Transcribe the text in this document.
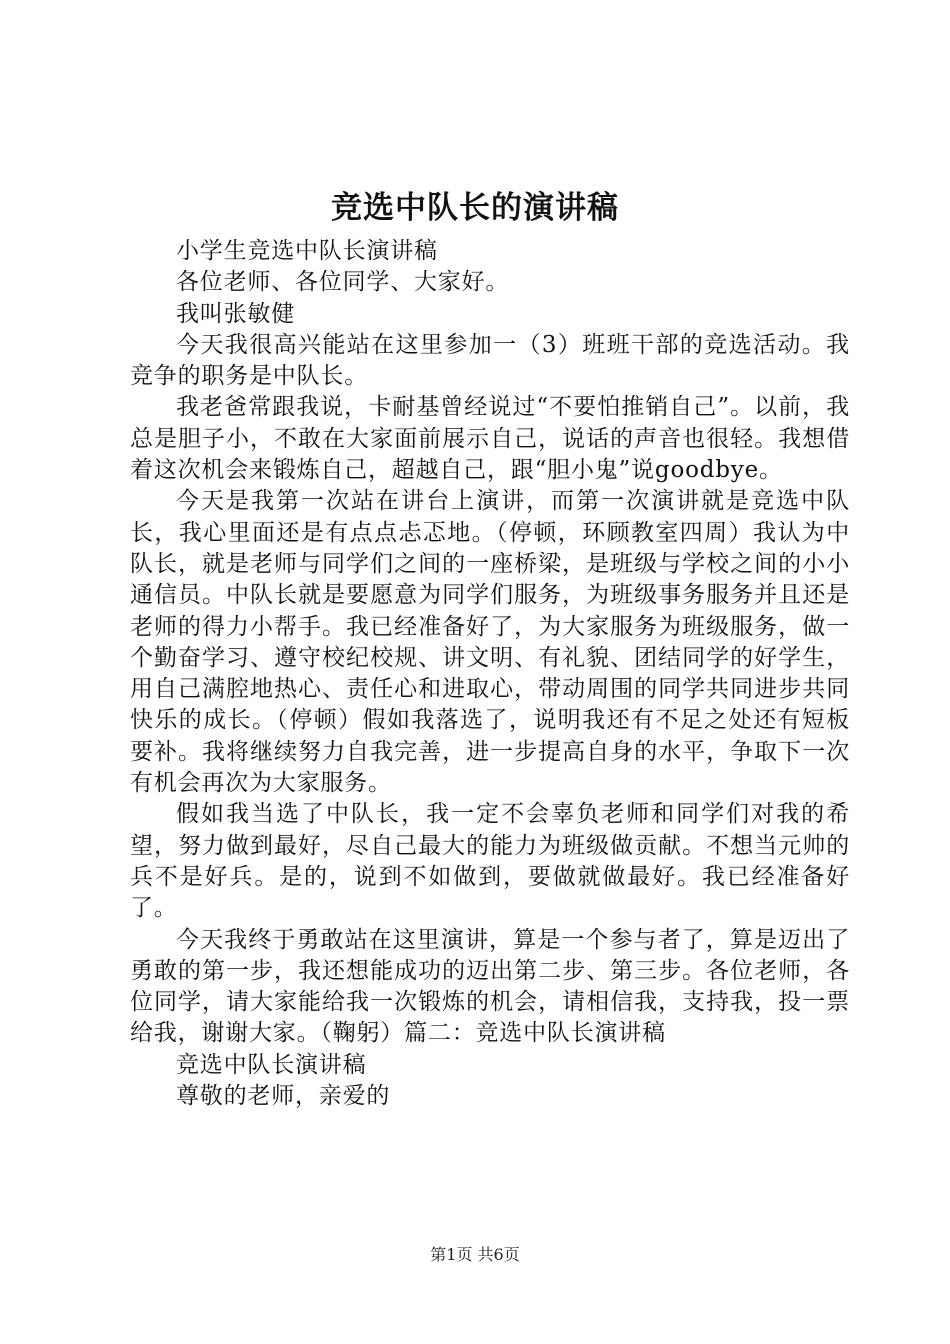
竞选中队长的演讲稿

小学生竞选中队长演讲稿

各位老师、各位同学、大家好。

我叫张敏健

今天我很高兴能站在这里参加一（3）班班干部的竞选活动。我竞争的职务是中队长。

我老爸常跟我说，卡耐基曾经说过“不要怕推销自己”。以前，我总是胆子小，不敢在大家面前展示自己，说话的声音也很轻。我想借着这次机会来锻炼自己，超越自己，跟“胆小鬼”说goodbye。

今天是我第一次站在讲台上演讲，而第一次演讲就是竞选中队长，我心里面还是有点点忐忑地。（停顿，环顾教室四周）我认为中队长，就是老师与同学们之间的一座桥梁，是班级与学校之间的小小通信员。中队长就是要愿意为同学们服务，为班级事务服务并且还是老师的得力小帮手。我已经准备好了，为大家服务为班级服务，做一个勤奋学习、遵守校纪校规、讲文明、有礼貌、团结同学的好学生，用自己满腔地热心、责任心和进取心，带动周围的同学共同进步共同快乐的成长。（停顿）假如我落选了，说明我还有不足之处还有短板要补。我将继续努力自我完善，进一步提高自身的水平，争取下一次有机会再次为大家服务。

假如我当选了中队长，我一定不会辜负老师和同学们对我的希望，努力做到最好，尽自己最大的能力为班级做贡献。不想当元帅的兵不是好兵。是的，说到不如做到，要做就做最好。我已经准备好了。

今天我终于勇敢站在这里演讲，算是一个参与者了，算是迈出了勇敢的第一步，我还想能成功的迈出第二步、第三步。各位老师，各位同学，请大家能给我一次锻炼的机会，请相信我，支持我，投一票给我，谢谢大家。（鞠躬）篇二：竞选中队长演讲稿

竞选中队长演讲稿

尊敬的老师，亲爱的

第1页 共6页
